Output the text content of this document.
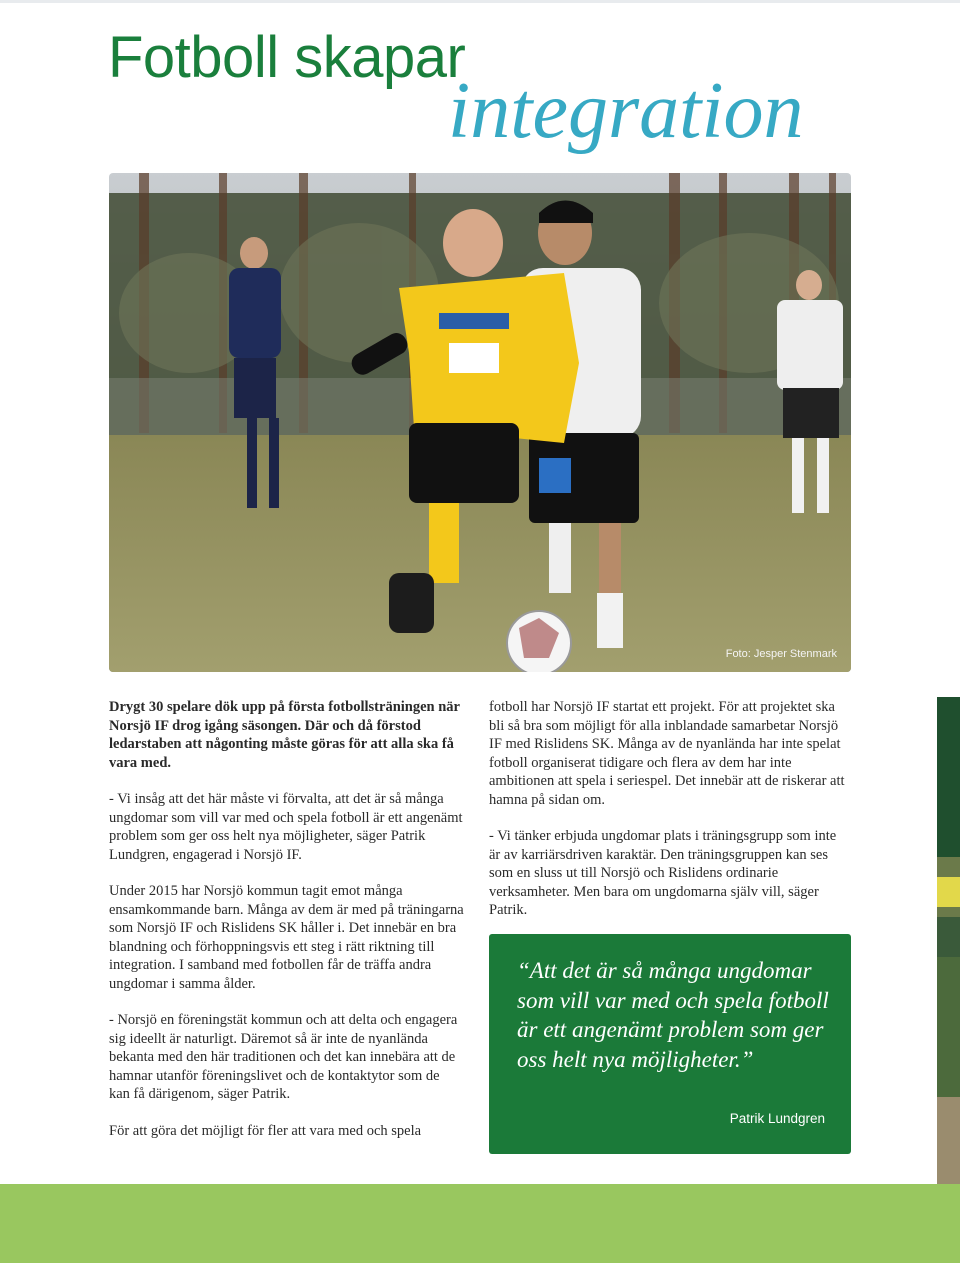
Fotboll skapar
integration
Foto: Jesper Stenmark

Drygt 30 spelare dök upp på första fotbollsträningen när Norsjö IF drog igång säsongen. Där och då förstod ledarstaben att någonting måste göras för att alla ska få vara med.

- Vi insåg att det här måste vi förvalta, att det är så många ungdomar som vill var med och spela fotboll är ett angenämt problem som ger oss helt nya möjligheter, säger Patrik Lundgren, engagerad i Norsjö IF.

Under 2015 har Norsjö kommun tagit emot många ensamkommande barn. Många av dem är med på träningarna som Norsjö IF och Rislidens SK håller i. Det innebär en bra blandning och förhoppningsvis ett steg i rätt riktning till integration. I samband med fotbollen får de träffa andra ungdomar i samma ålder.

- Norsjö en föreningstät kommun och att delta och engagera sig ideellt är naturligt. Däremot så är inte de nyanlända bekanta med den här traditionen och det kan innebära att de hamnar utanför föreningslivet och de kontaktytor som de kan få därigenom, säger Patrik.

För att göra det möjligt för fler att vara med och spela

fotboll har Norsjö IF startat ett projekt. För att projektet ska bli så bra som möjligt för alla inblandade samarbetar Norsjö IF med Rislidens SK. Många av de nyanlända har inte spelat fotboll organiserat tidigare och flera av dem har inte ambitionen att spela i seriespel. Det innebär att de riskerar att hamna på sidan om.

- Vi tänker erbjuda ungdomar plats i träningsgrupp som inte är av karriärsdriven karaktär. Den träningsgruppen kan ses som en sluss ut till Norsjö och Rislidens ordinarie verksamheter. Men bara om ungdomarna själv vill, säger Patrik.

“Att det är så många ungdomar som vill var med och spela fotboll är ett angenämt problem som ger oss helt nya möjligheter.”
Patrik Lundgren
